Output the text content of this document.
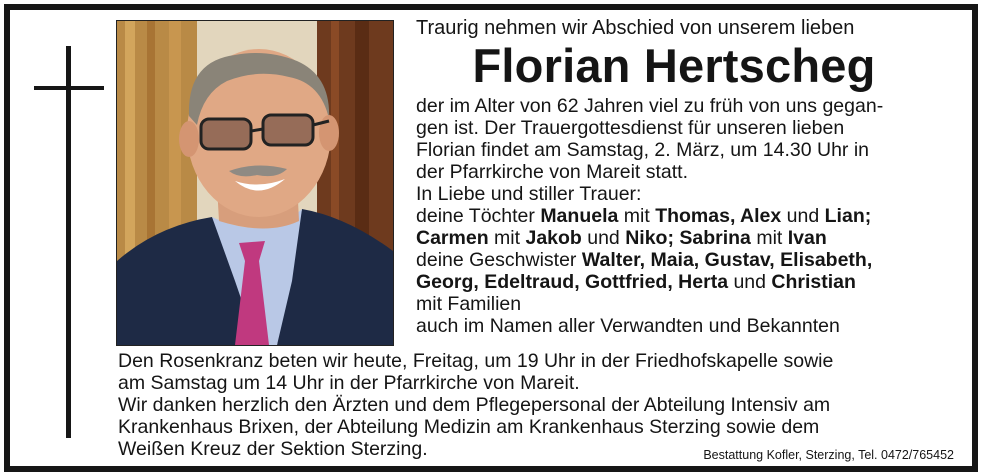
Traurig nehmen wir Abschied von unserem lieben
Florian Hertscheg
der im Alter von 62 Jahren viel zu früh von uns gegan-
gen ist. Der Trauergottesdienst für unseren lieben
Florian findet am Samstag, 2. März, um 14.30 Uhr in
der Pfarrkirche von Mareit statt.
In Liebe und stiller Trauer:
deine Töchter Manuela mit Thomas, Alex und Lian;
Carmen mit Jakob und Niko; Sabrina mit Ivan
deine Geschwister Walter, Maia, Gustav, Elisabeth,
Georg, Edeltraud, Gottfried, Herta und Christian
mit Familien
auch im Namen aller Verwandten und Bekannten
Den Rosenkranz beten wir heute, Freitag, um 19 Uhr in der Friedhofskapelle sowie
am Samstag um 14 Uhr in der Pfarrkirche von Mareit.
Wir danken herzlich den Ärzten und dem Pflegepersonal der Abteilung Intensiv am
Krankenhaus Brixen, der Abteilung Medizin am Krankenhaus Sterzing sowie dem
Weißen Kreuz der Sektion Sterzing.	Bestattung Kofler, Sterzing, Tel. 0472/765452
